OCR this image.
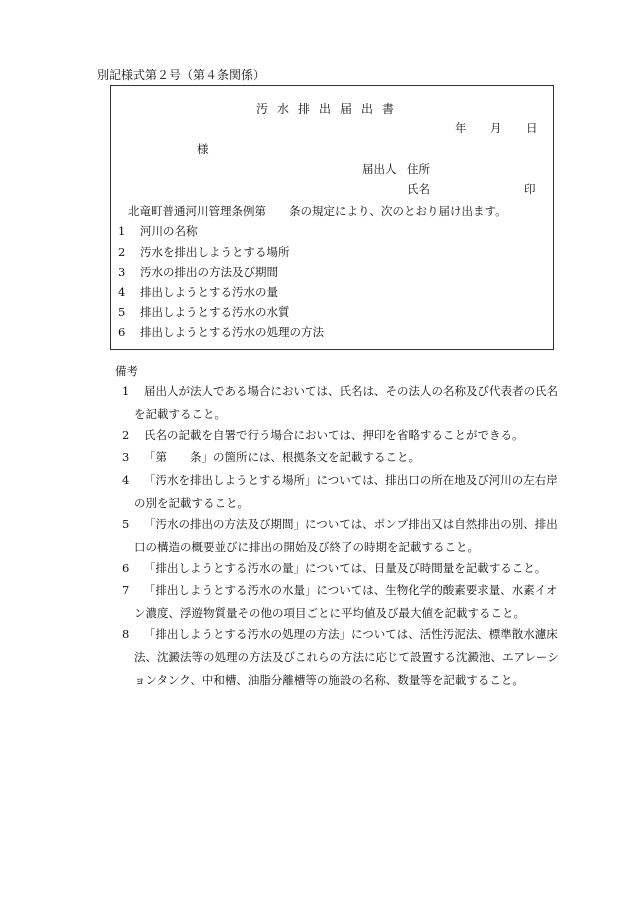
別記様式第２号（第４条関係）
汚水排出届出書
年 月 日
様
届出人 住所
氏名	印
北竜町普通河川管理条例第　　条の規定により、次のとおり届け出ます。
1 河川の名称
2 汚水を排出しようとする場所
3 汚水の排出の方法及び期間
4 排出しようとする汚水の量
5 排出しようとする汚水の水質
6 排出しようとする汚水の処理の方法
備考
1 届出人が法人である場合においては、氏名は、その法人の名称及び代表者の氏名
を記載すること。
2 氏名の記載を自署で行う場合においては、押印を省略することができる。
3 「第　　条」の箇所には、根拠条文を記載すること。
4 「汚水を排出しようとする場所」については、排出口の所在地及び河川の左右岸
の別を記載すること。
5 「汚水の排出の方法及び期間」については、ポンプ排出又は自然排出の別、排出
口の構造の概要並びに排出の開始及び終了の時期を記載すること。
6 「排出しようとする汚水の量」については、日量及び時間量を記載すること。
7 「排出しようとする汚水の水量」については、生物化学的酸素要求量、水素イオ
ン濃度、浮遊物質量その他の項目ごとに平均値及び最大値を記載すること。
8 「排出しようとする汚水の処理の方法」については、活性汚泥法、標準散水濾床
法、沈澱法等の処理の方法及びこれらの方法に応じて設置する沈澱池、エアレーシ
ョンタンク、中和槽、油脂分離槽等の施設の名称、数量等を記載すること。
